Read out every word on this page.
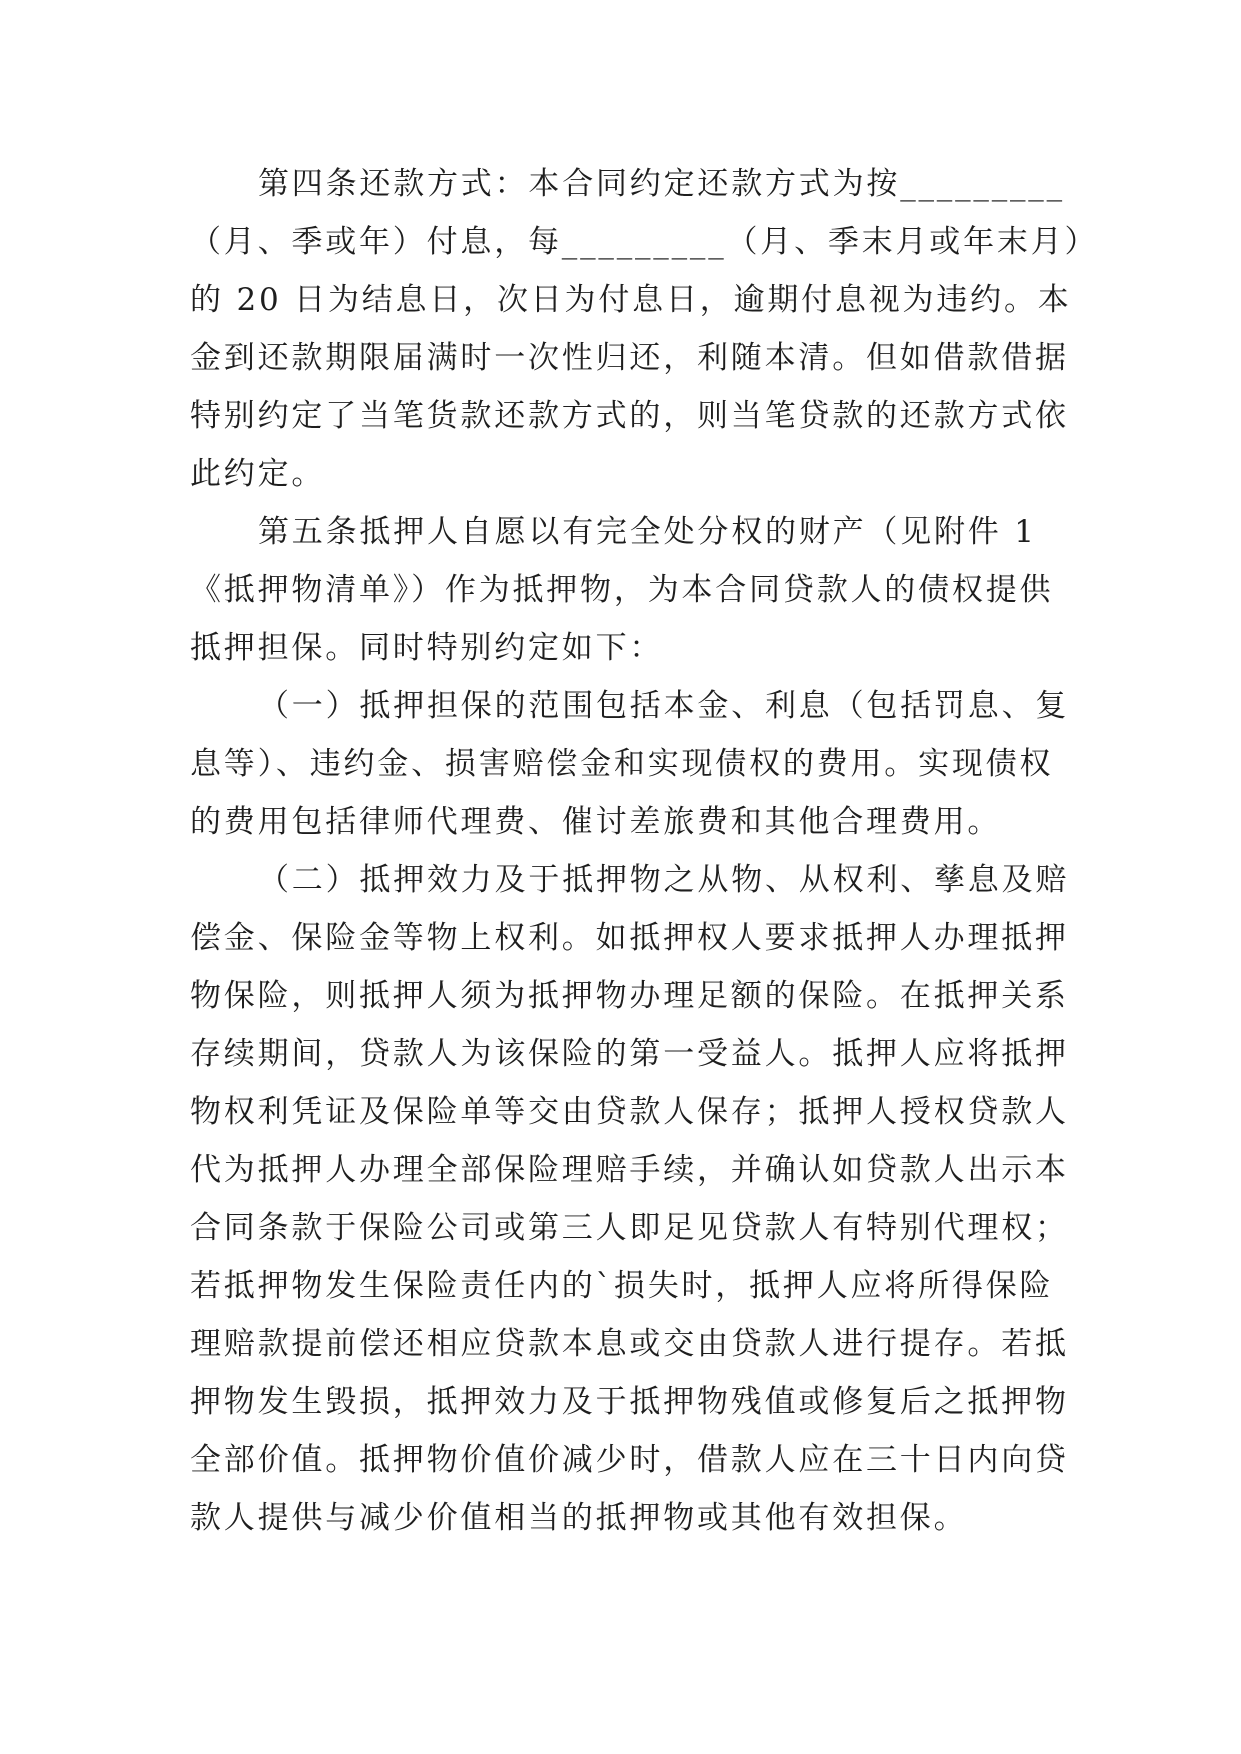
第四条还款方式：本合同约定还款方式为按_________
（月、季或年）付息，每_________（月、季末月或年末月）
的 20 日为结息日，次日为付息日，逾期付息视为违约。本
金到还款期限届满时一次性归还，利随本清。但如借款借据
特别约定了当笔货款还款方式的，则当笔贷款的还款方式依
此约定。
第五条抵押人自愿以有完全处分权的财产（见附件 1
《抵押物清单》）作为抵押物，为本合同贷款人的债权提供
抵押担保。同时特别约定如下：
（一）抵押担保的范围包括本金、利息（包括罚息、复
息等）、违约金、损害赔偿金和实现债权的费用。实现债权
的费用包括律师代理费、催讨差旅费和其他合理费用。
（二）抵押效力及于抵押物之从物、从权利、孳息及赔
偿金、保险金等物上权利。如抵押权人要求抵押人办理抵押
物保险，则抵押人须为抵押物办理足额的保险。在抵押关系
存续期间，贷款人为该保险的第一受益人。抵押人应将抵押
物权利凭证及保险单等交由贷款人保存；抵押人授权贷款人
代为抵押人办理全部保险理赔手续，并确认如贷款人出示本
合同条款于保险公司或第三人即足见贷款人有特别代理权；
若抵押物发生保险责任内的`损失时，抵押人应将所得保险
理赔款提前偿还相应贷款本息或交由贷款人进行提存。若抵
押物发生毁损，抵押效力及于抵押物残值或修复后之抵押物
全部价值。抵押物价值价减少时，借款人应在三十日内向贷
款人提供与减少价值相当的抵押物或其他有效担保。
